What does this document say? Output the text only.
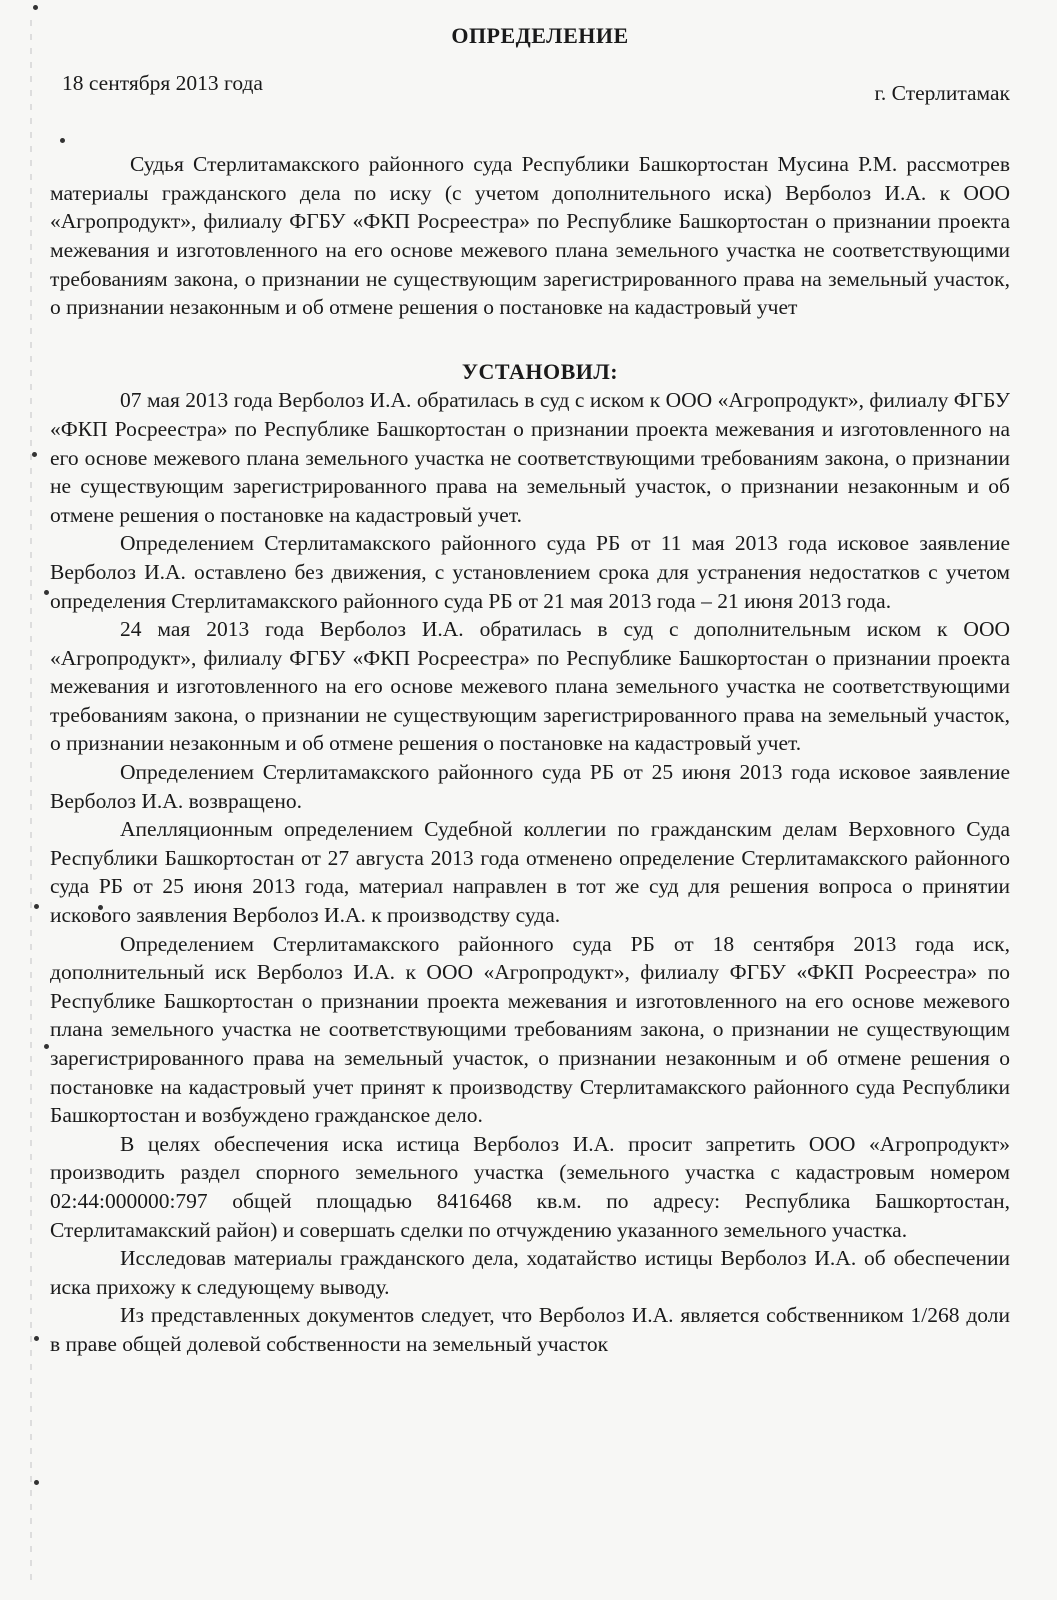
ОПРЕДЕЛЕНИЕ
18 сентября 2013 года	г. Стерлитамак

Судья Стерлитамакского районного суда Республики Башкортостан Мусина Р.М. рассмотрев материалы гражданского дела по иску (с учетом дополнительного иска) Верболоз И.А. к ООО «Агропродукт», филиалу ФГБУ «ФКП Росреестра» по Республике Башкортостан о признании проекта межевания и изготовленного на его основе межевого плана земельного участка не соответствующими требованиям закона, о признании не существующим зарегистрированного права на земельный участок, о признании незаконным и об отмене решения о постановке на кадастровый учет

УСТАНОВИЛ:

07 мая 2013 года Верболоз И.А. обратилась в суд с иском к ООО «Агропродукт», филиалу ФГБУ «ФКП Росреестра» по Республике Башкортостан о признании проекта межевания и изготовленного на его основе межевого плана земельного участка не соответствующими требованиям закона, о признании не существующим зарегистрированного права на земельный участок, о признании незаконным и об отмене решения о постановке на кадастровый учет.

Определением Стерлитамакского районного суда РБ от 11 мая 2013 года исковое заявление Верболоз И.А. оставлено без движения, с установлением срока для устранения недостатков с учетом определения Стерлитамакского районного суда РБ от 21 мая 2013 года – 21 июня 2013 года.

24 мая 2013 года Верболоз И.А. обратилась в суд с дополнительным иском к ООО «Агропродукт», филиалу ФГБУ «ФКП Росреестра» по Республике Башкортостан о признании проекта межевания и изготовленного на его основе межевого плана земельного участка не соответствующими требованиям закона, о признании не существующим зарегистрированного права на земельный участок, о признании незаконным и об отмене решения о постановке на кадастровый учет.

Определением Стерлитамакского районного суда РБ от 25 июня 2013 года исковое заявление Верболоз И.А. возвращено.

Апелляционным определением Судебной коллегии по гражданским делам Верховного Суда Республики Башкортостан от 27 августа 2013 года отменено определение Стерлитамакского районного суда РБ от 25 июня 2013 года, материал направлен в тот же суд для решения вопроса о принятии искового заявления Верболоз И.А. к производству суда.

Определением Стерлитамакского районного суда РБ от 18 сентября 2013 года иск, дополнительный иск Верболоз И.А. к ООО «Агропродукт», филиалу ФГБУ «ФКП Росреестра» по Республике Башкортостан о признании проекта межевания и изготовленного на его основе межевого плана земельного участка не соответствующими требованиям закона, о признании не существующим зарегистрированного права на земельный участок, о признании незаконным и об отмене решения о постановке на кадастровый учет принят к производству Стерлитамакского районного суда Республики Башкортостан и возбуждено гражданское дело.

В целях обеспечения иска истица Верболоз И.А. просит запретить ООО «Агропродукт» производить раздел спорного земельного участка (земельного участка с кадастровым номером 02:44:000000:797 общей площадью 8416468 кв.м. по адресу: Республика Башкортостан, Стерлитамакский район) и совершать сделки по отчуждению указанного земельного участка.

Исследовав материалы гражданского дела, ходатайство истицы Верболоз И.А. об обеспечении иска прихожу к следующему выводу.

Из представленных документов следует, что Верболоз И.А. является собственником 1/268 доли в праве общей долевой собственности на земельный участок
